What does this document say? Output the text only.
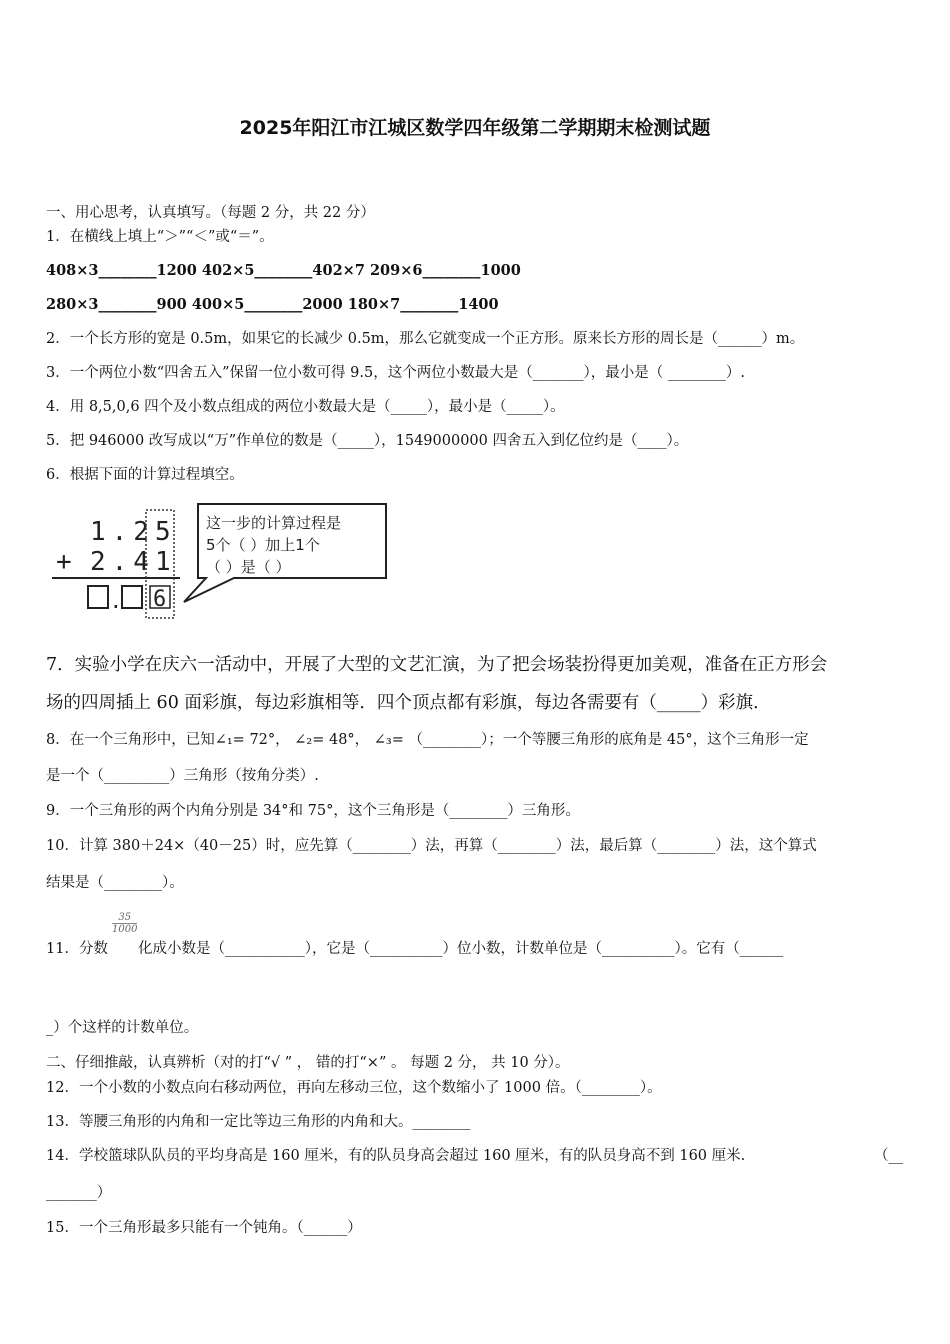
2025年阳江市江城区数学四年级第二学期期末检测试题
一、用心思考，认真填写。（每题 2 分，共 22 分）
1．在横线上填上“＞”“＜”或“＝”。
408×3________1200 402×5________402×7 209×6________1000
280×3________900 400×5________2000 180×7________1400
2．一个长方形的宽是 0.5m，如果它的长减少 0.5m，那么它就变成一个正方形。原来长方形的周长是（______）m。
3．一个两位小数“四舍五入”保留一位小数可得 9.5，这个两位小数最大是（_______），最小是（ ________）.
4．用 8,5,0,6 四个及小数点组成的两位小数最大是（_____），最小是（_____）。
5．把 946000 改写成以“万”作单位的数是（_____），1549000000 四舍五入到亿位约是（____）。
6．根据下面的计算过程填空。
1.25
+ 2.41
. 6
这一步的计算过程是
5个（ ）加上1个
（ ）是（ ）
7．实验小学在庆六一活动中，开展了大型的文艺汇演，为了把会场装扮得更加美观，准备在正方形会
场的四周插上 60 面彩旗，每边彩旗相等．四个顶点都有彩旗，每边各需要有（_____）彩旗．
8．在一个三角形中，已知∠₁= 72°， ∠₂= 48°， ∠₃= （________）；一个等腰三角形的底角是 45°，这个三角形一定
是一个（_________）三角形（按角分类）.
9．一个三角形的两个内角分别是 34°和 75°，这个三角形是（________）三角形。
10．计算 380＋24×（40－25）时，应先算（________）法，再算（________）法，最后算（________）法，这个算式
结果是（________）。
$\frac{35}{1000}$
11．分数 化成小数是（___________），它是（__________）位小数，计数单位是（__________）。它有（______
_）个这样的计数单位。
二、仔细推敲，认真辨析（对的打“√ ” ， 错的打“×” 。 每题 2 分， 共 10 分）。
12．一个小数的小数点向右移动两位，再向左移动三位，这个数缩小了 1000 倍。（________）。
13．等腰三角形的内角和一定比等边三角形的内角和大。________
14．学校篮球队队员的平均身高是 160 厘米，有的队员身高会超过 160 厘米，有的队员身高不到 160 厘米.	（__
_______）
15．一个三角形最多只能有一个钝角。（______）
